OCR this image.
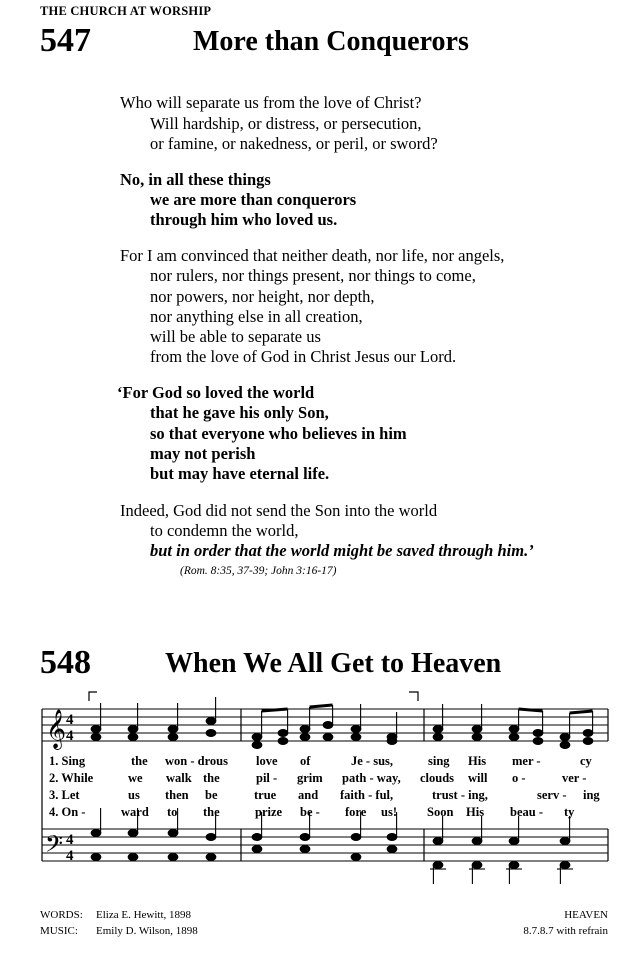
THE CHURCH AT WORSHIP
547	More than Conquerors
Who will separate us from the love of Christ?
Will hardship, or distress, or persecution,
or famine, or nakedness, or peril, or sword?
No, in all these things
we are more than conquerors
through him who loved us.
For I am convinced that neither death, nor life, nor angels,
nor rulers, nor things present, nor things to come,
nor powers, nor height, nor depth,
nor anything else in all creation,
will be able to separate us
from the love of God in Christ Jesus our Lord.
‘For God so loved the world
that he gave his only Son,
so that everyone who believes in him
may not perish
but may have eternal life.
Indeed, God did not send the Son into the world
to condemn the world,
but in order that the world might be saved through him.’
(Rom. 8:35, 37-39; John 3:16-17)
548	When We All Get to Heaven
𝄞
𝄢
4
4
4
4
1. Sing	the won - drous love of	Je - sus,	sing His mer -	cy
2. While	we walk the	pil - grim path - way, clouds will o -	ver -
3. Let	us then be	true and faith - ful,	trust - ing,	serv - ing
4. On -	ward to the	prize be - fore us! Soon His beau - ty
WORDS: Eliza E. Hewitt, 1898
MUSIC: Emily D. Wilson, 1898
HEAVEN
8.7.8.7 with refrain
